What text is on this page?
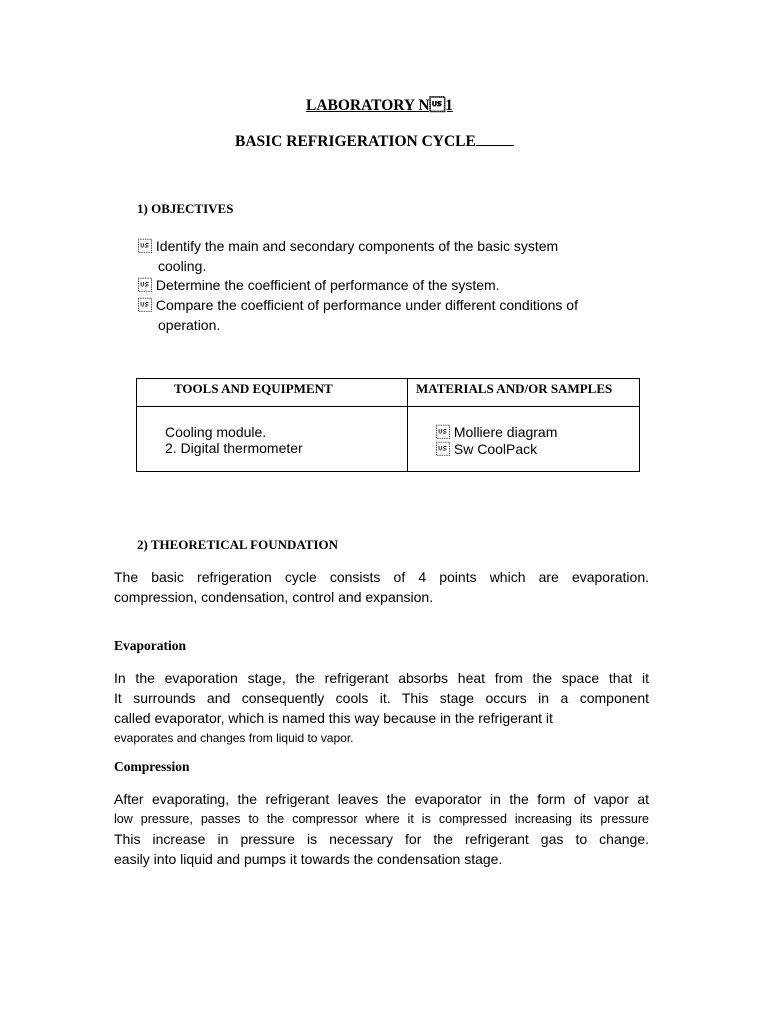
LABORATORY N1
BASIC REFRIGERATION CYCLE
1) OBJECTIVES
 Identify the main and secondary components of the basic system
cooling.
 Determine the coefficient of performance of the system.
 Compare the coefficient of performance under different conditions of
operation.
TOOLS AND EQUIPMENT	MATERIALS AND/OR SAMPLES
Cooling module.
2. Digital thermometer
 Molliere diagram
 Sw CoolPack
2) THEORETICAL FOUNDATION
The basic refrigeration cycle consists of 4 points which are evaporation.
compression, condensation, control and expansion.
Evaporation
In the evaporation stage, the refrigerant absorbs heat from the space that it
It surrounds and consequently cools it. This stage occurs in a component
called evaporator, which is named this way because in the refrigerant it
evaporates and changes from liquid to vapor.
Compression
After evaporating, the refrigerant leaves the evaporator in the form of vapor at
low pressure, passes to the compressor where it is compressed increasing its pressure
This increase in pressure is necessary for the refrigerant gas to change.
easily into liquid and pumps it towards the condensation stage.
